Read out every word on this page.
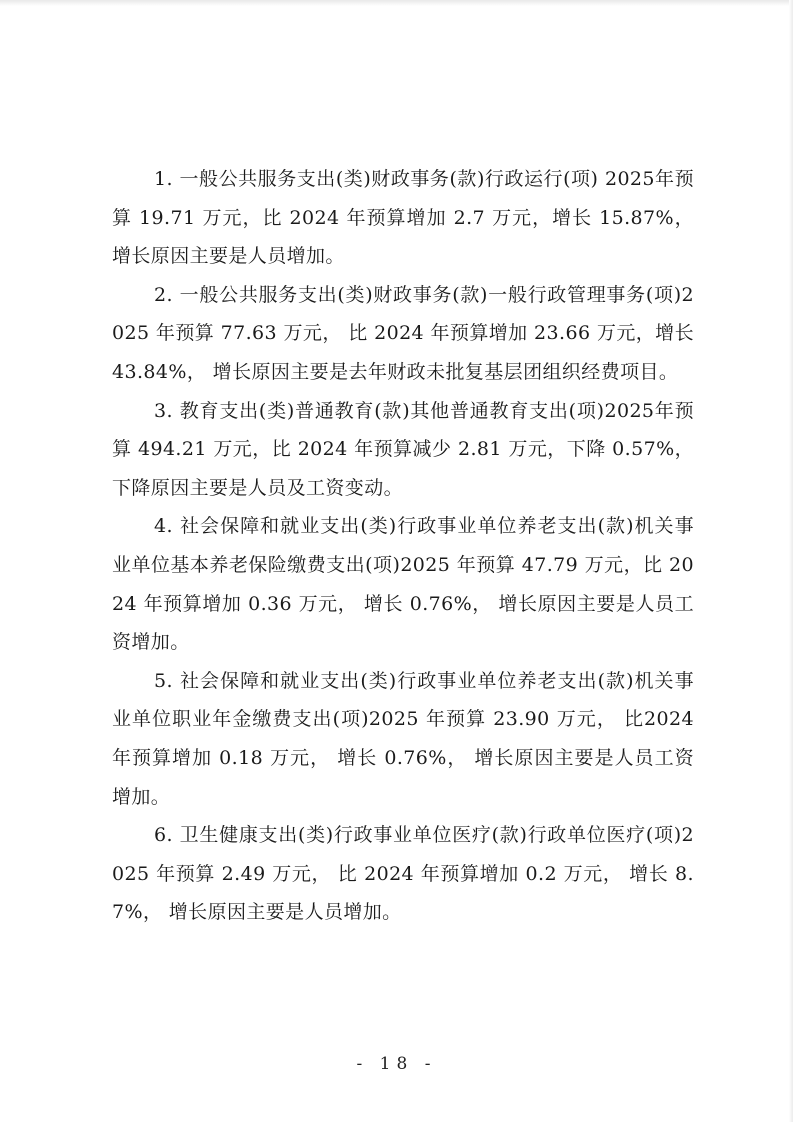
1. 一般公共服务支出(类)财政事务(款)行政运行(项) 2025年预算 19.71 万元，比 2024 年预算增加 2.7 万元，增长 15.87%，增长原因主要是人员增加。

2. 一般公共服务支出(类)财政事务(款)一般行政管理事务(项)2025 年预算 77.63 万元， 比 2024 年预算增加 23.66 万元，增长 43.84%， 增长原因主要是去年财政未批复基层团组织经费项目。

3. 教育支出(类)普通教育(款)其他普通教育支出(项)2025年预算 494.21 万元，比 2024 年预算减少 2.81 万元，下降 0.57%，下降原因主要是人员及工资变动。

4. 社会保障和就业支出(类)行政事业单位养老支出(款)机关事业单位基本养老保险缴费支出(项)2025 年预算 47.79 万元，比 2024 年预算增加 0.36 万元， 增长 0.76%， 增长原因主要是人员工资增加。

5. 社会保障和就业支出(类)行政事业单位养老支出(款)机关事业单位职业年金缴费支出(项)2025 年预算 23.90 万元， 比2024 年预算增加 0.18 万元， 增长 0.76%， 增长原因主要是人员工资增加。

6. 卫生健康支出(类)行政事业单位医疗(款)行政单位医疗(项)2025 年预算 2.49 万元， 比 2024 年预算增加 0.2 万元， 增长 8.7%， 增长原因主要是人员增加。

- 18 -
